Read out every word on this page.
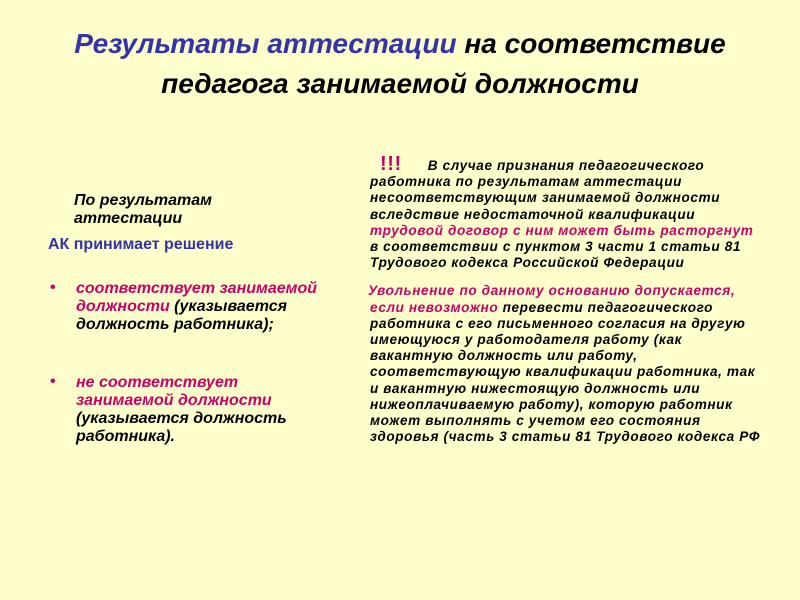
Результаты аттестации на соответствие педагога занимаемой должности
По результатам аттестации
АК принимает решение
• соответствует занимаемой должности (указывается должность работника);
• не соответствует занимаемой должности (указывается должность работника).
!!! В случае признания педагогического работника по результатам аттестации несоответствующим занимаемой должности вследствие недостаточной квалификации трудовой договор с ним может быть расторгнут в соответствии с пунктом 3 части 1 статьи 81 Трудового кодекса Российской Федерации
Увольнение по данному основанию допускается, если невозможно перевести педагогического работника с его письменного согласия на другую имеющуюся у работодателя работу (как вакантную должность или работу, соответствующую квалификации работника, так и вакантную нижестоящую должность или нижеоплачиваемую работу), которую работник может выполнять с учетом его состояния здоровья (часть 3 статьи 81 Трудового кодекса РФ
